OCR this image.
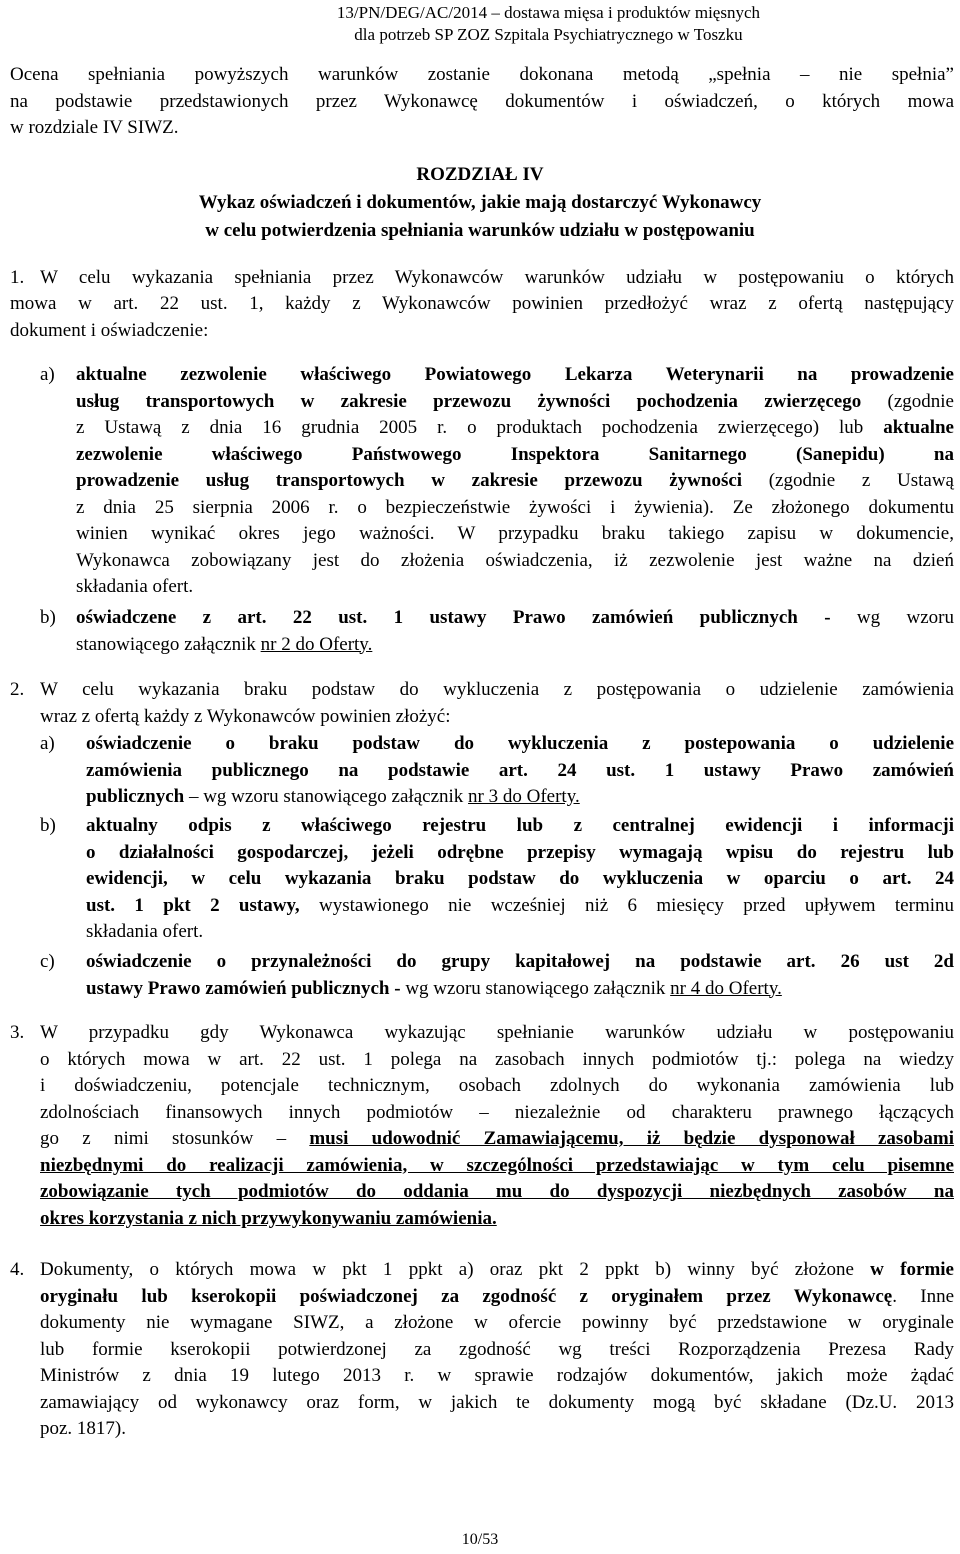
13/PN/DEG/AC/2014 – dostawa mięsa i produktów mięsnych
dla potrzeb SP ZOZ Szpitala Psychiatrycznego w Toszku
Ocena spełniania powyższych warunków zostanie dokonana metodą „spełnia – nie spełnia”
na podstawie przedstawionych przez Wykonawcę dokumentów i oświadczeń, o których mowa
w rozdziale IV SIWZ.
ROZDZIAŁ IV
Wykaz oświadczeń i dokumentów, jakie mają dostarczyć Wykonawcy
w celu potwierdzenia spełniania warunków udziału w postępowaniu
1. W celu wykazania spełniania przez Wykonawców warunków udziału w postępowaniu o których
mowa w art. 22 ust. 1, każdy z Wykonawców powinien przedłożyć wraz z ofertą następujący
dokument i oświadczenie:
a) aktualne zezwolenie właściwego Powiatowego Lekarza Weterynarii na prowadzenie
usług transportowych w zakresie przewozu żywności pochodzenia zwierzęcego (zgodnie
z Ustawą z dnia 16 grudnia 2005 r. o produktach pochodzenia zwierzęcego) lub aktualne
zezwolenie właściwego Państwowego Inspektora Sanitarnego (Sanepidu) na
prowadzenie usług transportowych w zakresie przewozu żywności (zgodnie z Ustawą
z dnia 25 sierpnia 2006 r. o bezpieczeństwie żywości i żywienia). Ze złożonego dokumentu
winien wynikać okres jego ważności. W przypadku braku takiego zapisu w dokumencie,
Wykonawca zobowiązany jest do złożenia oświadczenia, iż zezwolenie jest ważne na dzień
składania ofert.
b) oświadczene z art. 22 ust. 1 ustawy Prawo zamówień publicznych - wg wzoru
stanowiącego załącznik nr 2 do Oferty.
2. W celu wykazania braku podstaw do wykluczenia z postępowania o udzielenie zamówienia
wraz z ofertą każdy z Wykonawców powinien złożyć:
a) oświadczenie o braku podstaw do wykluczenia z postepowania o udzielenie
zamówienia publicznego na podstawie art. 24 ust. 1 ustawy Prawo zamówień
publicznych – wg wzoru stanowiącego załącznik nr 3 do Oferty.
b) aktualny odpis z właściwego rejestru lub z centralnej ewidencji i informacji
o działalności gospodarczej, jeżeli odrębne przepisy wymagają wpisu do rejestru lub
ewidencji, w celu wykazania braku podstaw do wykluczenia w oparciu o art. 24
ust. 1 pkt 2 ustawy, wystawionego nie wcześniej niż 6 miesięcy przed upływem terminu
składania ofert.
c) oświadczenie o przynależności do grupy kapitałowej na podstawie art. 26 ust 2d
ustawy Prawo zamówień publicznych - wg wzoru stanowiącego załącznik nr 4 do Oferty.
3. W przypadku gdy Wykonawca wykazując spełnianie warunków udziału w postępowaniu
o których mowa w art. 22 ust. 1 polega na zasobach innych podmiotów tj.: polega na wiedzy
i doświadczeniu, potencjale technicznym, osobach zdolnych do wykonania zamówienia lub
zdolnościach finansowych innych podmiotów – niezależnie od charakteru prawnego łączących
go z nimi stosunków – musi udowodnić Zamawiającemu, iż będzie dysponował zasobami
niezbędnymi do realizacji zamówienia, w szczególności przedstawiając w tym celu pisemne
zobowiązanie tych podmiotów do oddania mu do dyspozycji niezbędnych zasobów na
okres korzystania z nich przywykonywaniu zamówienia.
4. Dokumenty, o których mowa w pkt 1 ppkt a) oraz pkt 2 ppkt b) winny być złożone w formie
oryginału lub kserokopii poświadczonej za zgodność z oryginałem przez Wykonawcę. Inne
dokumenty nie wymagane SIWZ, a złożone w ofercie powinny być przedstawione w oryginale
lub formie kserokopii potwierdzonej za zgodność wg treści Rozporządzenia Prezesa Rady
Ministrów z dnia 19 lutego 2013 r. w sprawie rodzajów dokumentów, jakich może żądać
zamawiający od wykonawcy oraz form, w jakich te dokumenty mogą być składane (Dz.U. 2013
poz. 1817).
10/53
